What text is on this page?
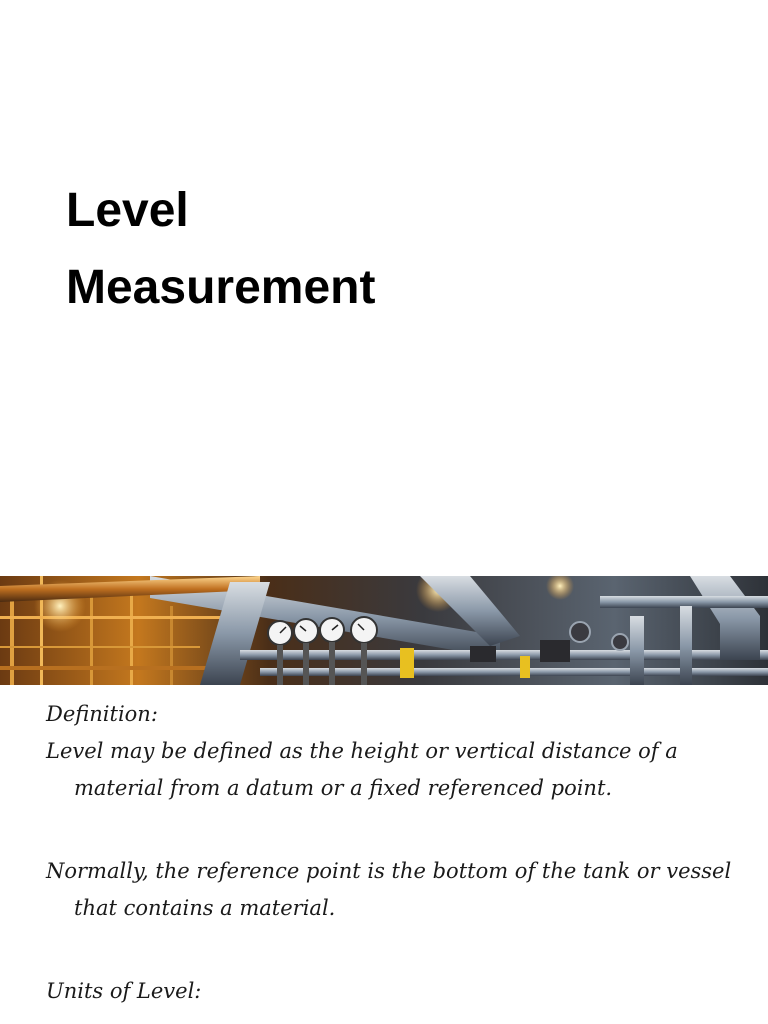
Level
Measurement

Definition:

Level may be defined as the height or vertical distance of a material from a datum or a fixed referenced point.

Normally, the reference point is the bottom of the tank or vessel that contains a material.

Units of Level:
